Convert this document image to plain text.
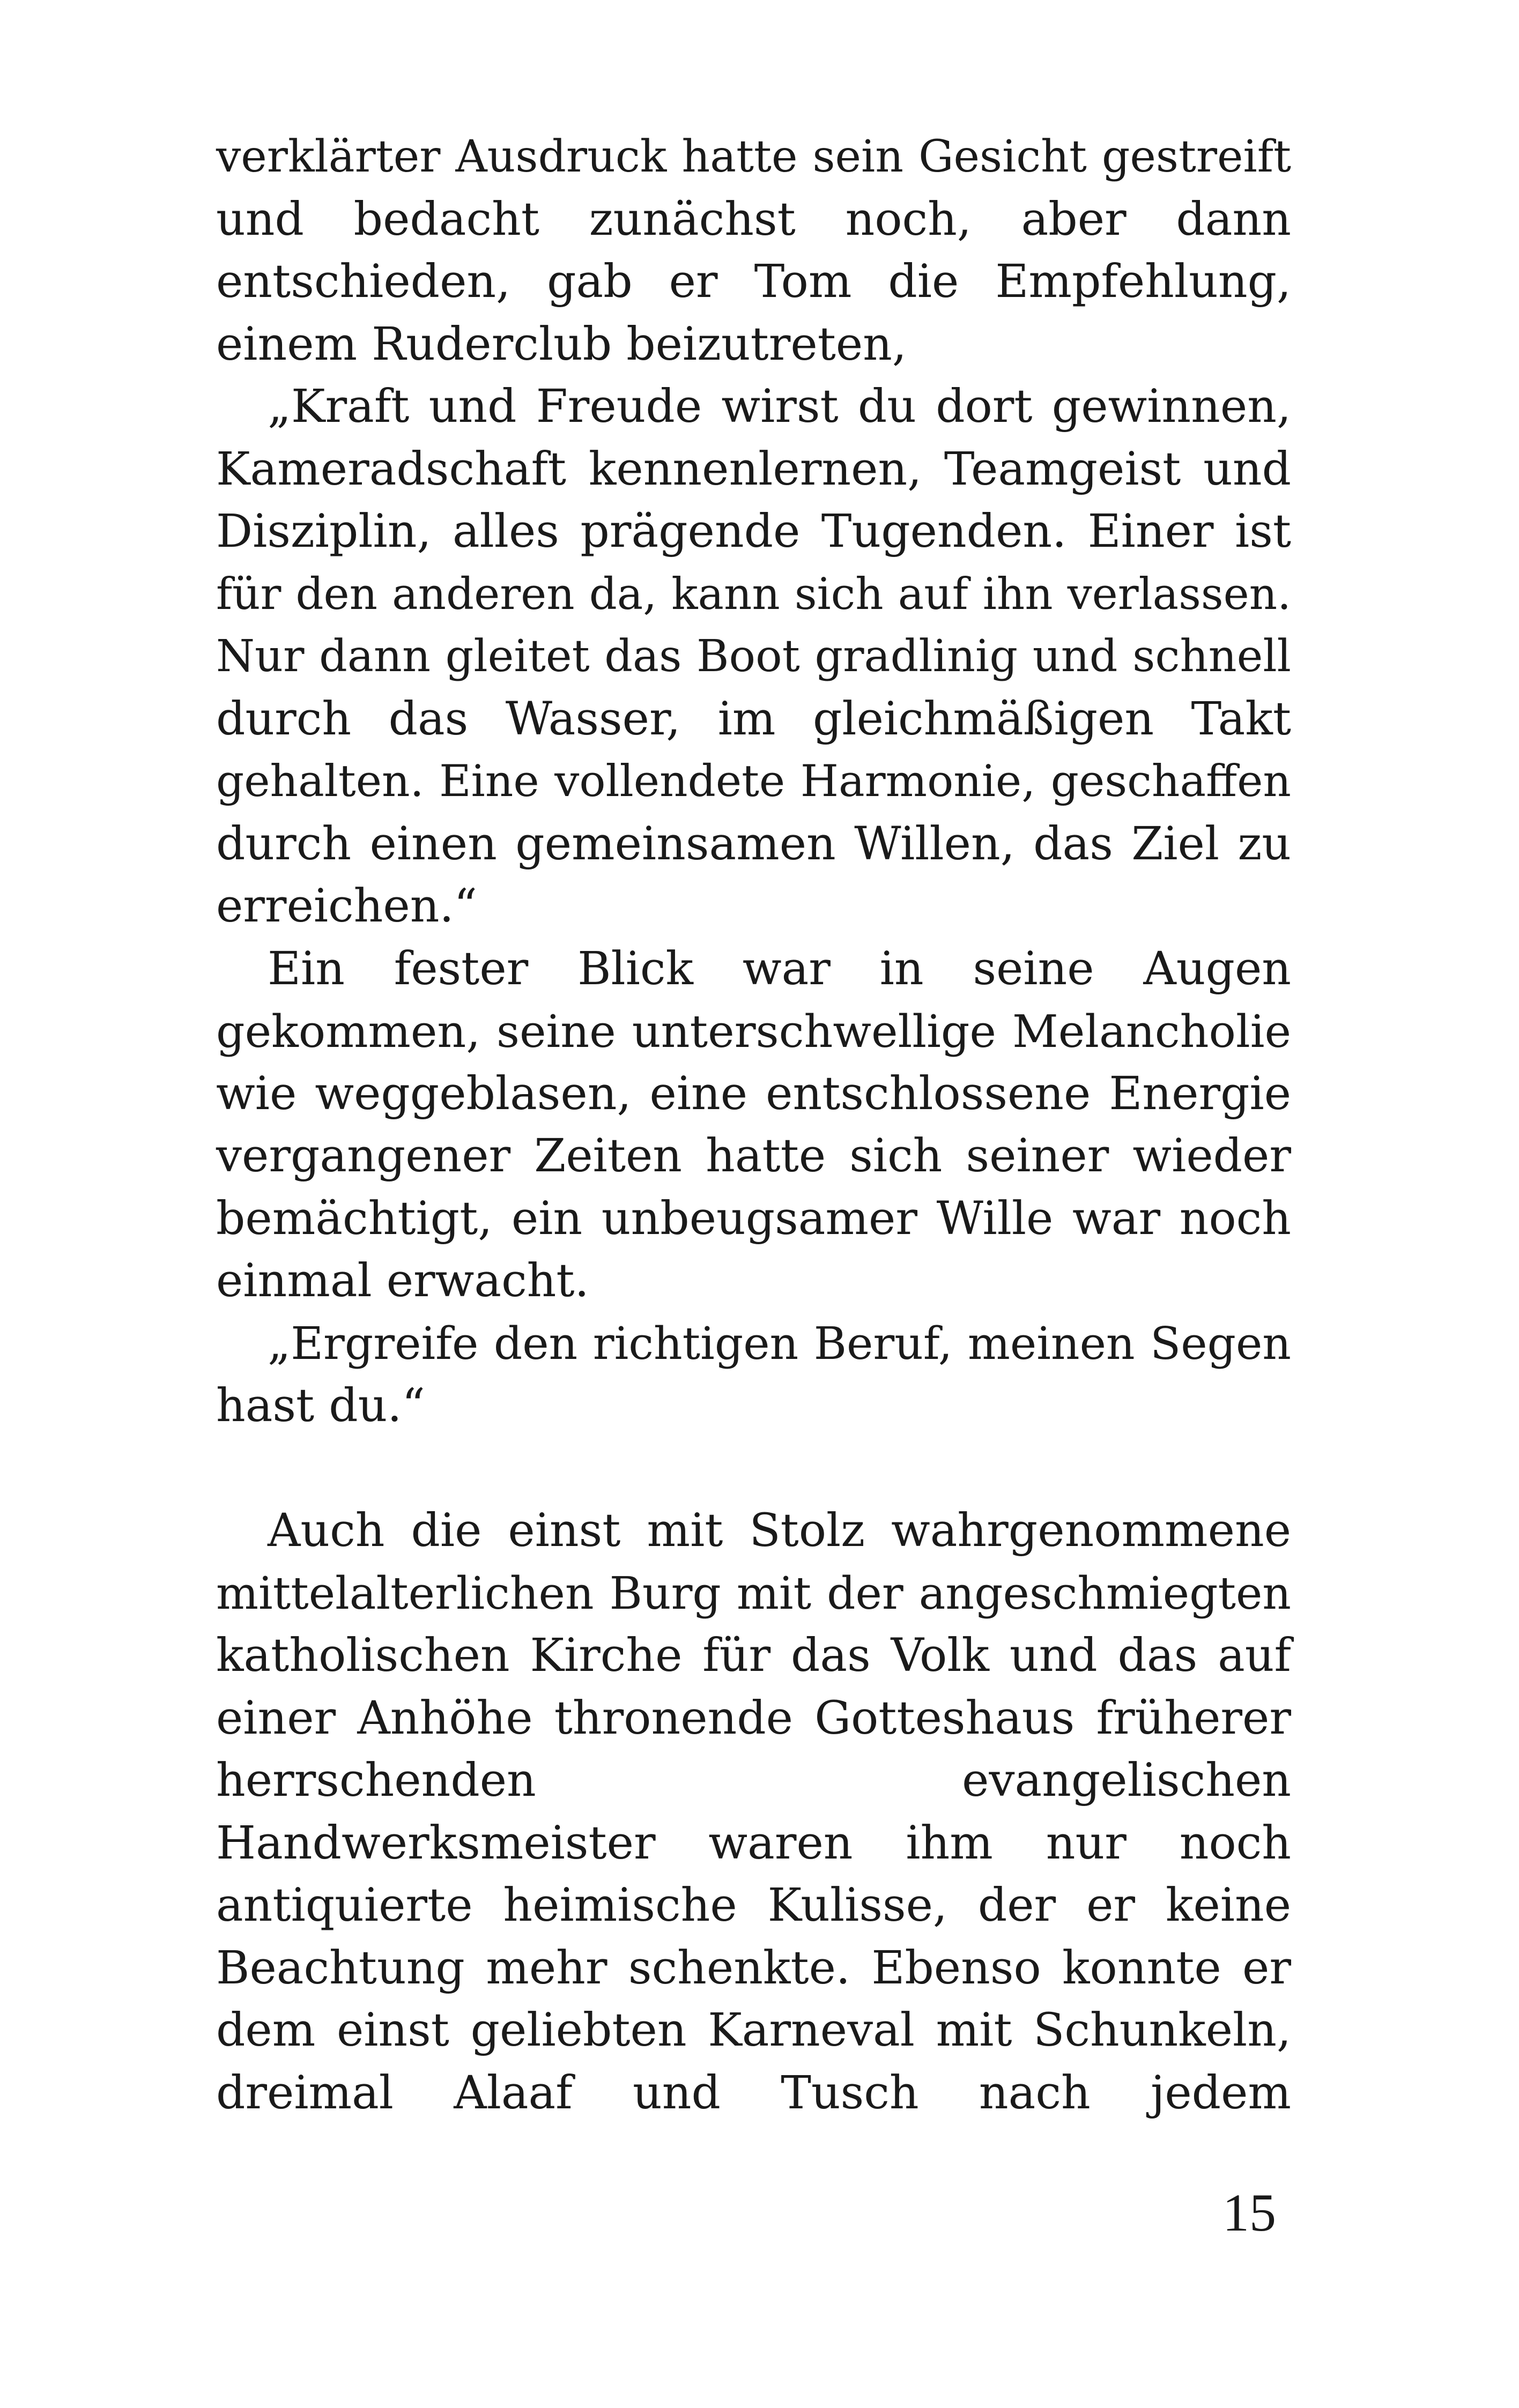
verklärter Ausdruck hatte sein Gesicht gestreift
und bedacht zunächst noch, aber dann
entschieden, gab er Tom die Empfehlung,
einem Ruderclub beizutreten,
„Kraft und Freude wirst du dort gewinnen,
Kameradschaft kennenlernen, Teamgeist und
Disziplin, alles prägende Tugenden. Einer ist
für den anderen da, kann sich auf ihn verlassen.
Nur dann gleitet das Boot gradlinig und schnell
durch das Wasser, im gleichmäßigen Takt
gehalten. Eine vollendete Harmonie, geschaffen
durch einen gemeinsamen Willen, das Ziel zu
erreichen.“
Ein fester Blick war in seine Augen
gekommen, seine unterschwellige Melancholie
wie weggeblasen, eine entschlossene Energie
vergangener Zeiten hatte sich seiner wieder
bemächtigt, ein unbeugsamer Wille war noch
einmal erwacht.
„Ergreife den richtigen Beruf, meinen Segen
hast du.“
Auch die einst mit Stolz wahrgenommene
mittelalterlichen Burg mit der angeschmiegten
katholischen Kirche für das Volk und das auf
einer Anhöhe thronende Gotteshaus früherer
herrschenden evangelischen
Handwerksmeister waren ihm nur noch
antiquierte heimische Kulisse, der er keine
Beachtung mehr schenkte. Ebenso konnte er
dem einst geliebten Karneval mit Schunkeln,
dreimal Alaaf und Tusch nach jedem
15
